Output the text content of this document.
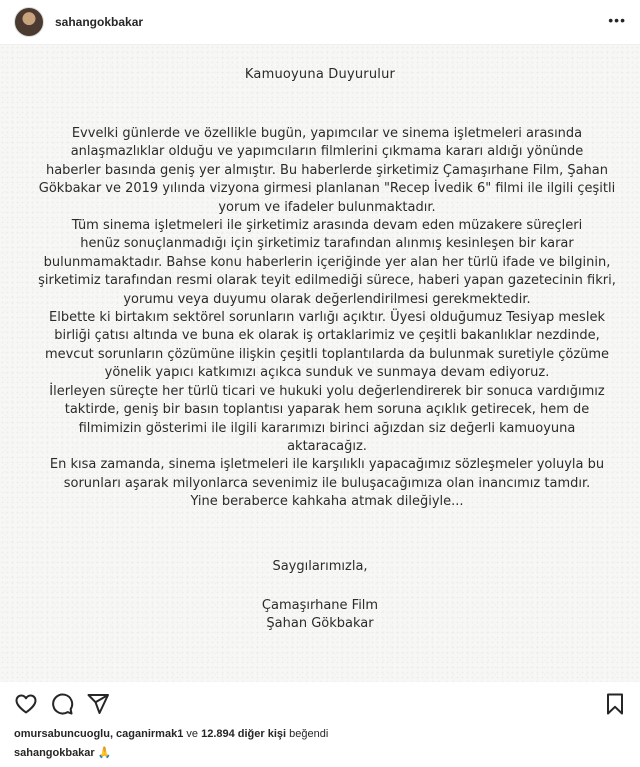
sahangokbakar	•••
Kamuoyuna Duyurulur
Evvelki günlerde ve özellikle bugün, yapımcılar ve sinema işletmeleri arasında
anlaşmazlıklar olduğu ve yapımcıların filmlerini çıkmama kararı aldığı yönünde
haberler basında geniş yer almıştır. Bu haberlerde şirketimiz Çamaşırhane Film, Şahan
Gökbakar ve 2019 yılında vizyona girmesi planlanan "Recep İvedik 6" filmi ile ilgili çeşitli
yorum ve ifadeler bulunmaktadır.
Tüm sinema işletmeleri ile şirketimiz arasında devam eden müzakere süreçleri
henüz sonuçlanmadığı için şirketimiz tarafından alınmış kesinleşen bir karar
bulunmamaktadır. Bahse konu haberlerin içeriğinde yer alan her türlü ifade ve bilginin,
şirketimiz tarafından resmi olarak teyit edilmediği sürece, haberi yapan gazetecinin fikri,
yorumu veya duyumu olarak değerlendirilmesi gerekmektedir.
Elbette ki birtakım sektörel sorunların varlığı açıktır. Üyesi olduğumuz Tesiyap meslek
birliği çatısı altında ve buna ek olarak iş ortaklarimiz ve çeşitli bakanlıklar nezdinde,
mevcut sorunların çözümüne ilişkin çeşitli toplantılarda da bulunmak suretiyle çözüme
yönelik yapıcı katkımızı açıkca sunduk ve sunmaya devam ediyoruz.
İlerleyen süreçte her türlü ticari ve hukuki yolu değerlendirerek bir sonuca vardığımız
taktirde, geniş bir basın toplantısı yaparak hem soruna açıklık getirecek, hem de
filmimizin gösterimi ile ilgili kararımızı birinci ağızdan siz değerli kamuoyuna
aktaracağız.
En kısa zamanda, sinema işletmeleri ile karşılıklı yapacağımız sözleşmeler yoluyla bu
sorunları aşarak milyonlarca sevenimiz ile buluşacağımıza olan inancımız tamdır.
Yine beraberce kahkaha atmak dileğiyle...
Saygılarımızla,
Çamaşırhane Film
Şahan Gökbakar
omursabuncuoglu, caganirmak1 ve 12.894 diğer kişi beğendi
sahangokbakar 🙏
